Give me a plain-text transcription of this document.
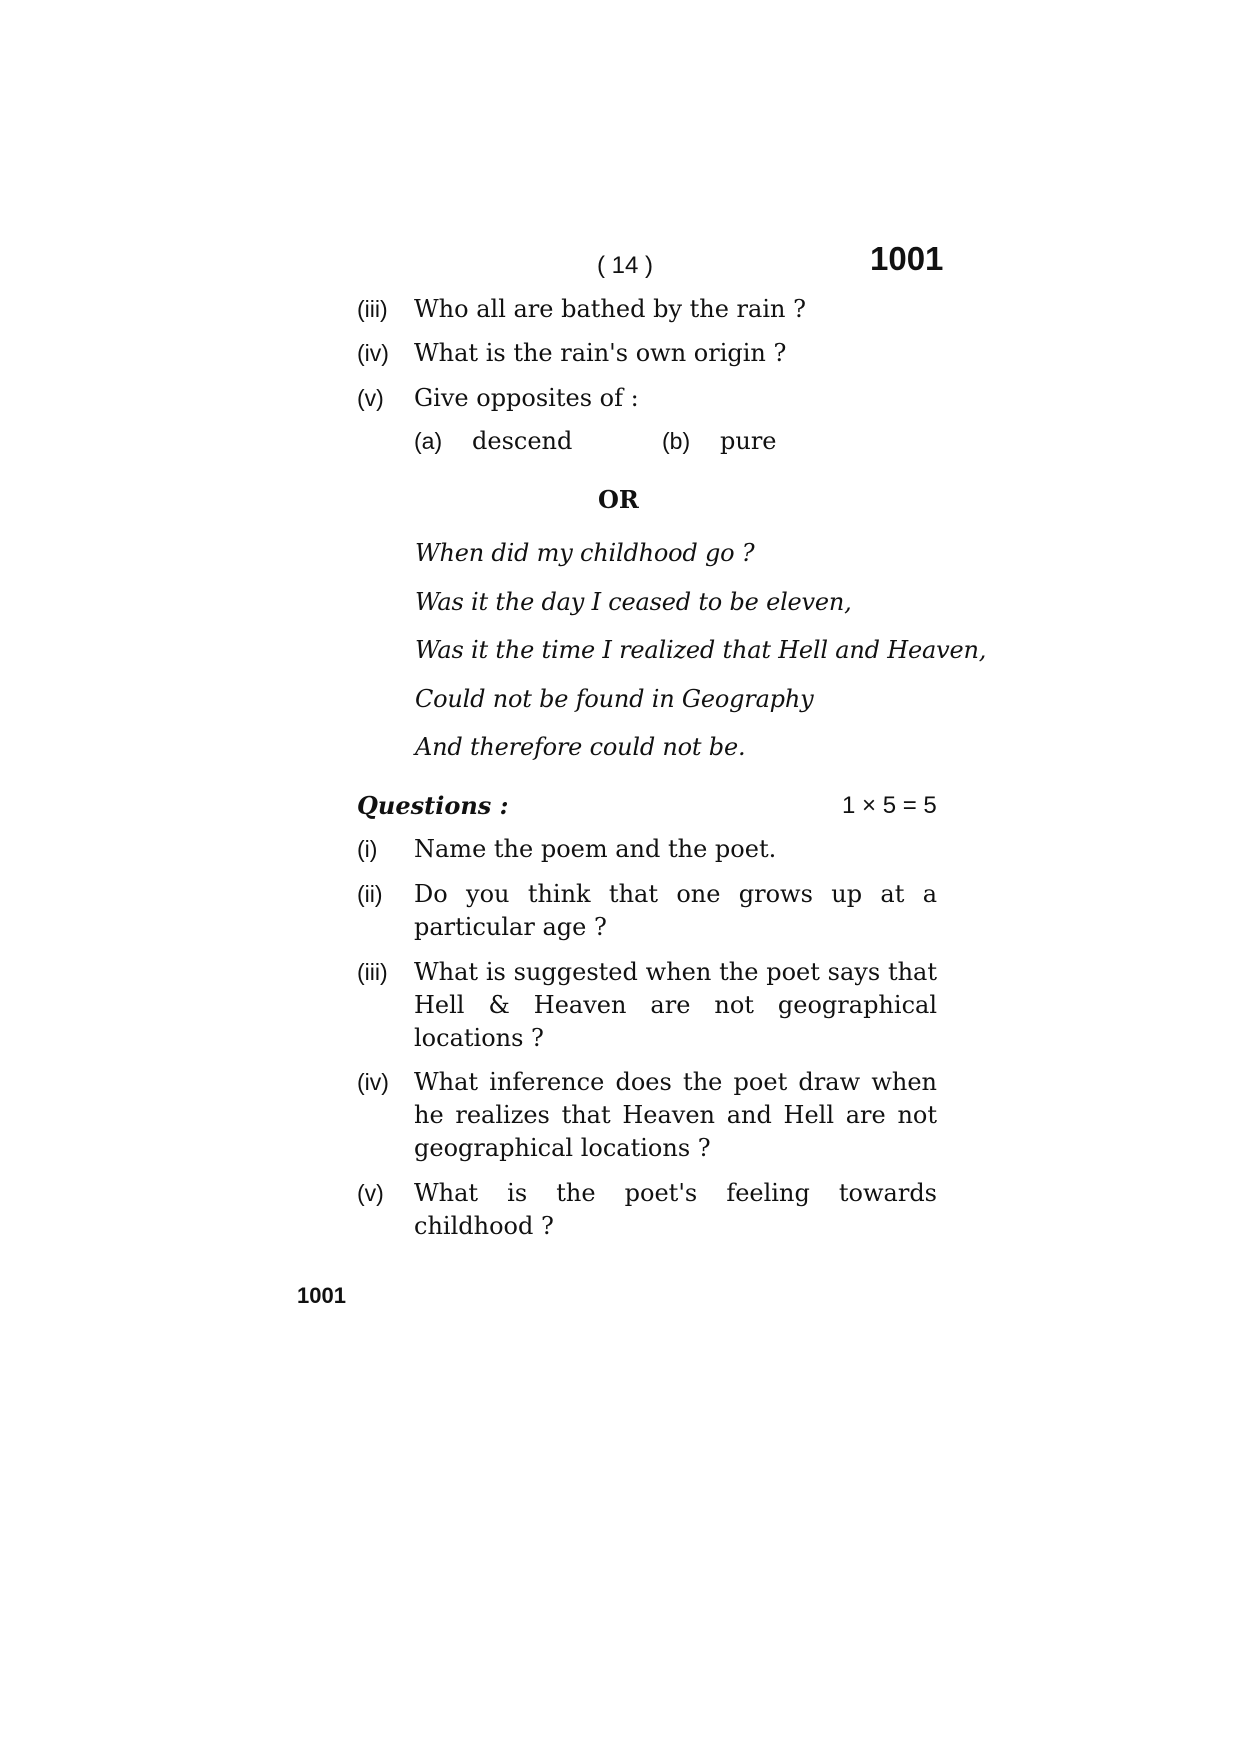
( 14 )	1001
(iii) Who all are bathed by the rain ?
(iv) What is the rain's own origin ?
(v) Give opposites of :
(a) descend	(b) pure
OR
When did my childhood go ?
Was it the day I ceased to be eleven,
Was it the time I realized that Hell and Heaven,
Could not be found in Geography
And therefore could not be.
Questions :	1 × 5 = 5
(i) Name the poem and the poet.
(ii) Do you think that one grows up at a particular age ?
(iii) What is suggested when the poet says that Hell & Heaven are not geographical locations ?
(iv) What inference does the poet draw when he realizes that Heaven and Hell are not geographical locations ?
(v) What is the poet's feeling towards childhood ?
1001
